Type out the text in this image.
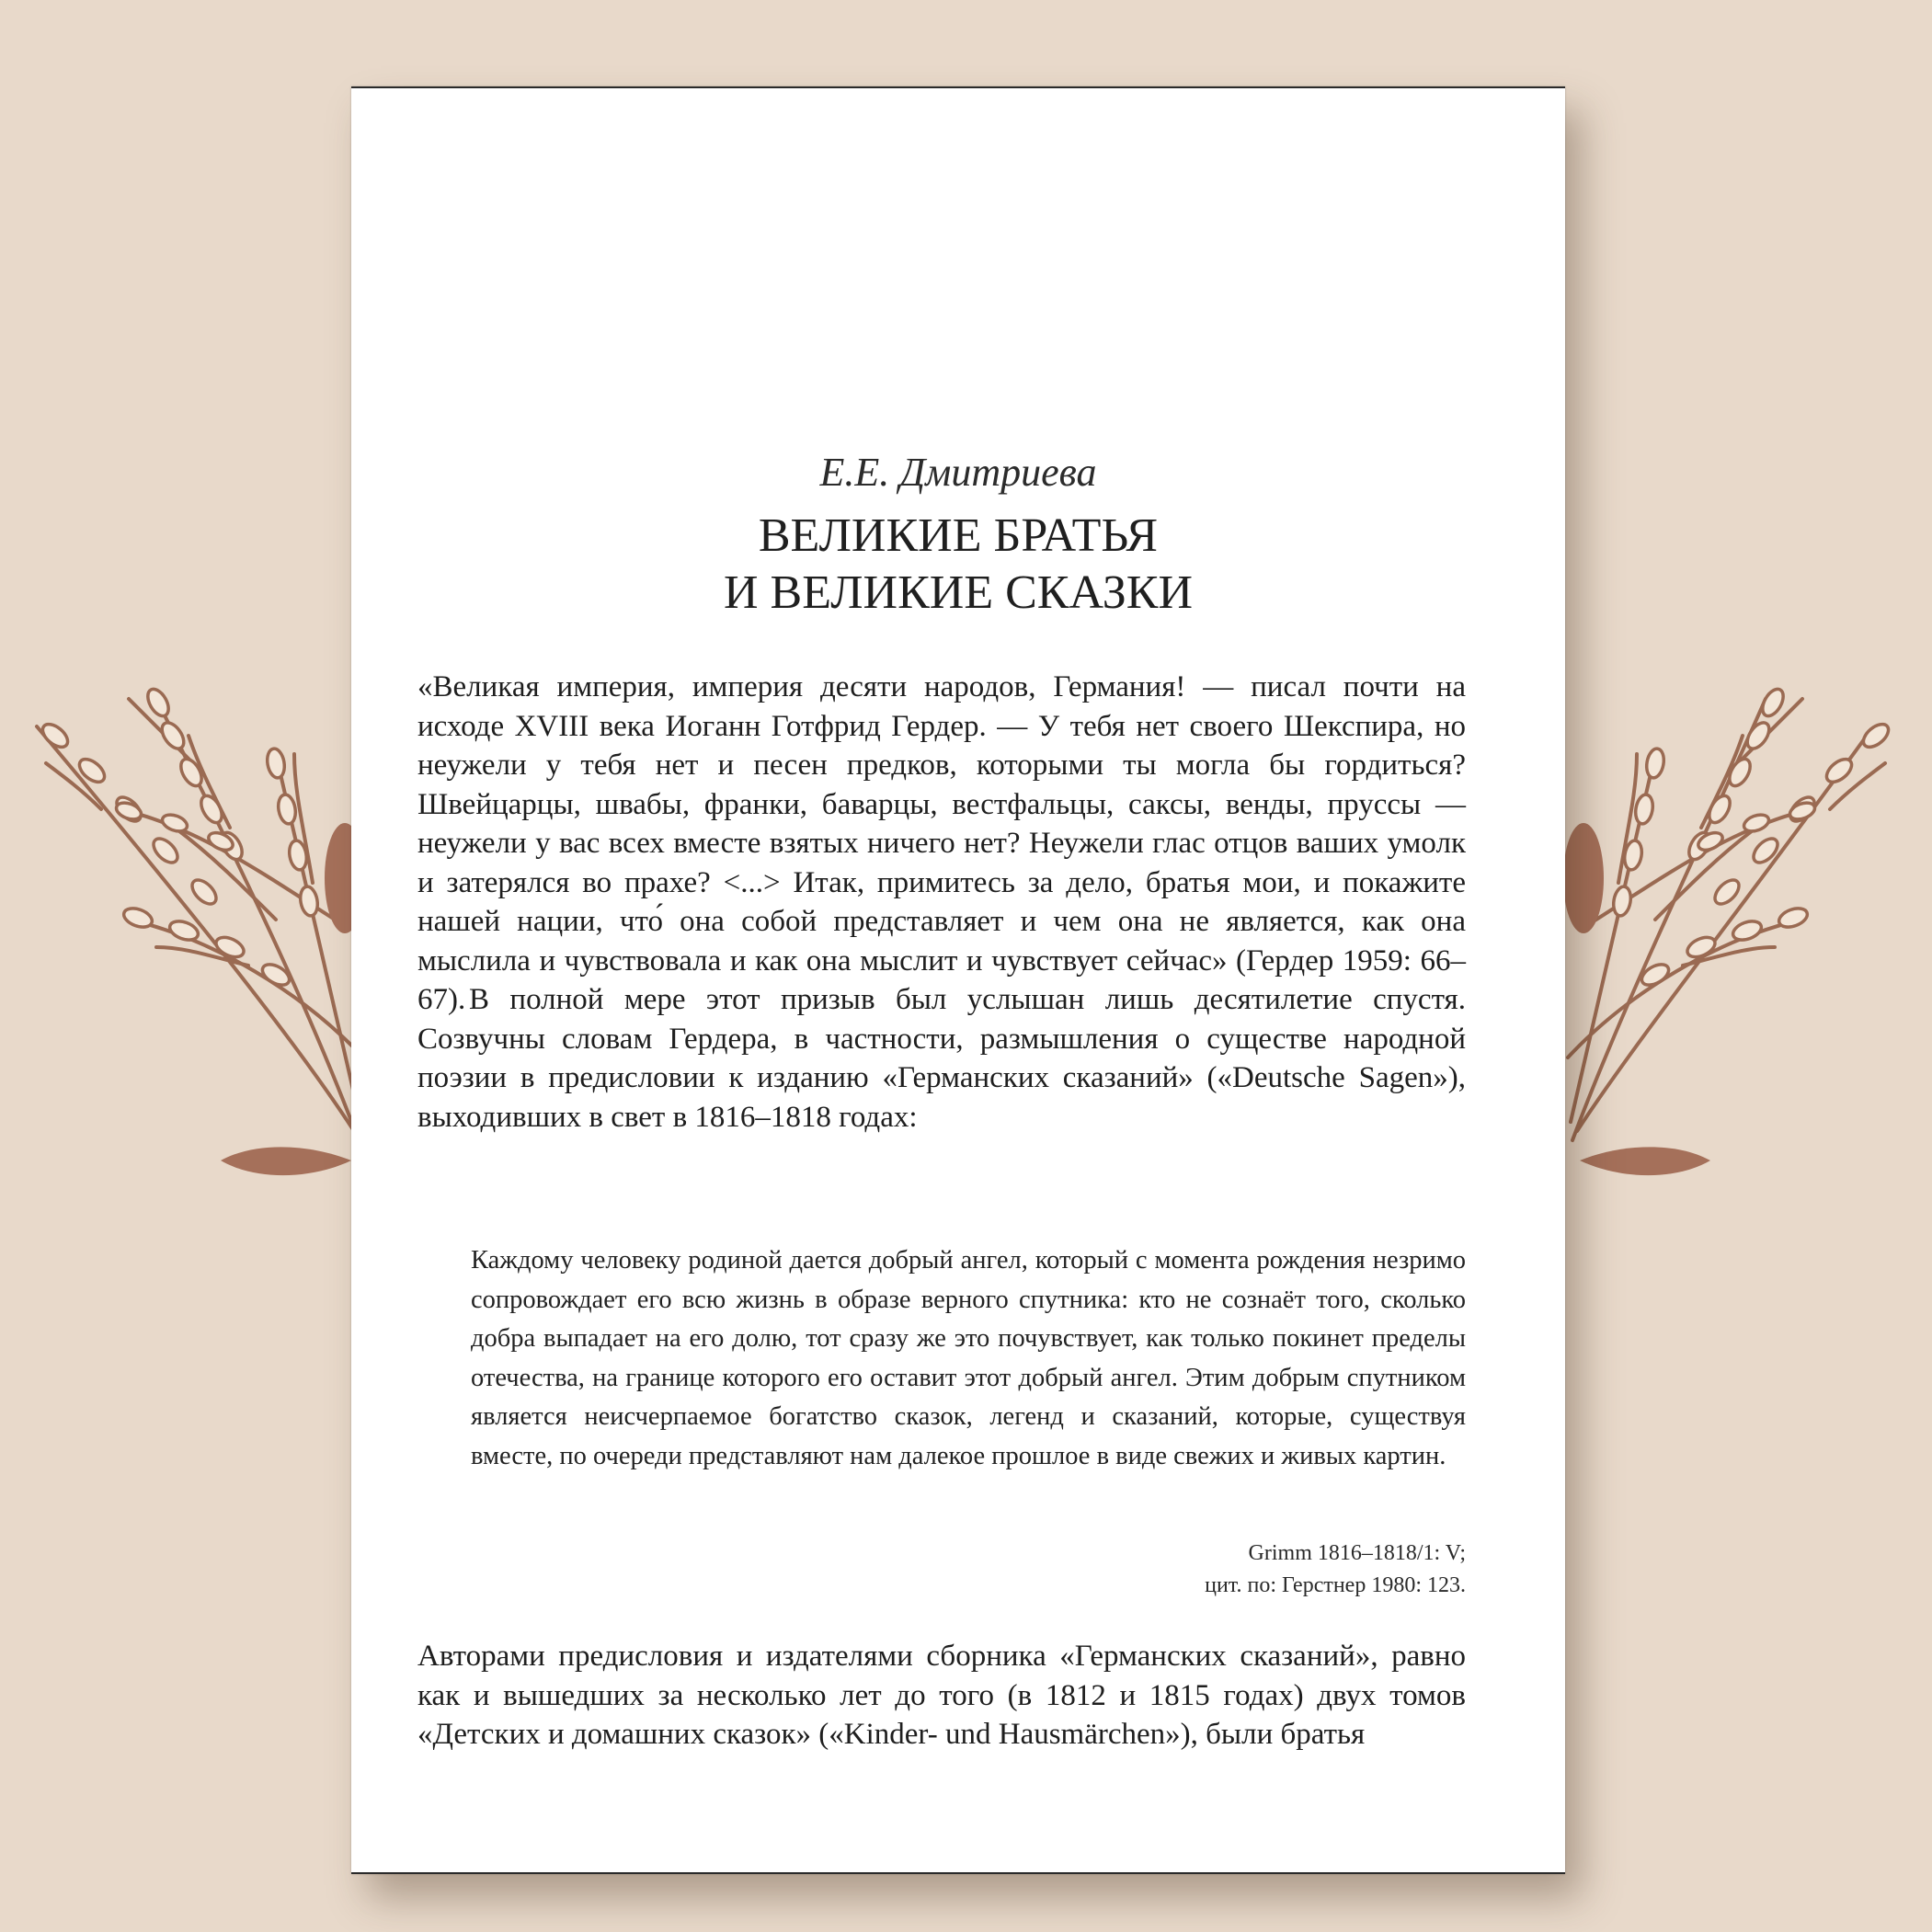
Е.Е. Дмитриева

ВЕЛИКИЕ БРАТЬЯ
И ВЕЛИКИЕ СКАЗКИ

«Великая империя, империя десяти народов, Германия! — писал почти на исходе XVIII века Иоганн Готфрид Гердер. — У тебя нет своего Шекспира, но неужели у тебя нет и песен предков, которыми ты могла бы гордиться? Швейцарцы, швабы, франки, баварцы, вестфальцы, саксы, венды, пруссы — неужели у вас всех вместе взятых ничего нет? Неужели глас отцов ваших умолк и затерялся во прахе? <...> Итак, примитесь за дело, братья мои, и покажите нашей нации, что́ она собой представляет и чем она не является, как она мыслила и чувствовала и как она мыслит и чувствует сейчас» (Гердер 1959: 66–67). В полной мере этот призыв был услышан лишь десятилетие спустя. Созвучны словам Гердера, в частности, размышления о существе народной поэзии в предисловии к изданию «Германских сказаний» («Deutsche Sagen»), выходивших в свет в 1816–1818 годах:

Каждому человеку родиной дается добрый ангел, который с момента рождения незримо сопровождает его всю жизнь в образе верного спутника: кто не сознаёт того, сколько добра выпадает на его долю, тот сразу же это почувствует, как только покинет пределы отечества, на границе которого его оставит этот добрый ангел. Этим добрым спутником является неисчерпаемое богатство сказок, легенд и сказаний, которые, существуя вместе, по очереди представляют нам далекое прошлое в виде свежих и живых картин.

Grimm 1816–1818/1: V;
цит. по: Герстнер 1980: 123.

Авторами предисловия и издателями сборника «Германских сказаний», равно как и вышедших за несколько лет до того (в 1812 и 1815 годах) двух томов «Детских и домашних сказок» («Kinder- und Hausmärchen»), были братья
